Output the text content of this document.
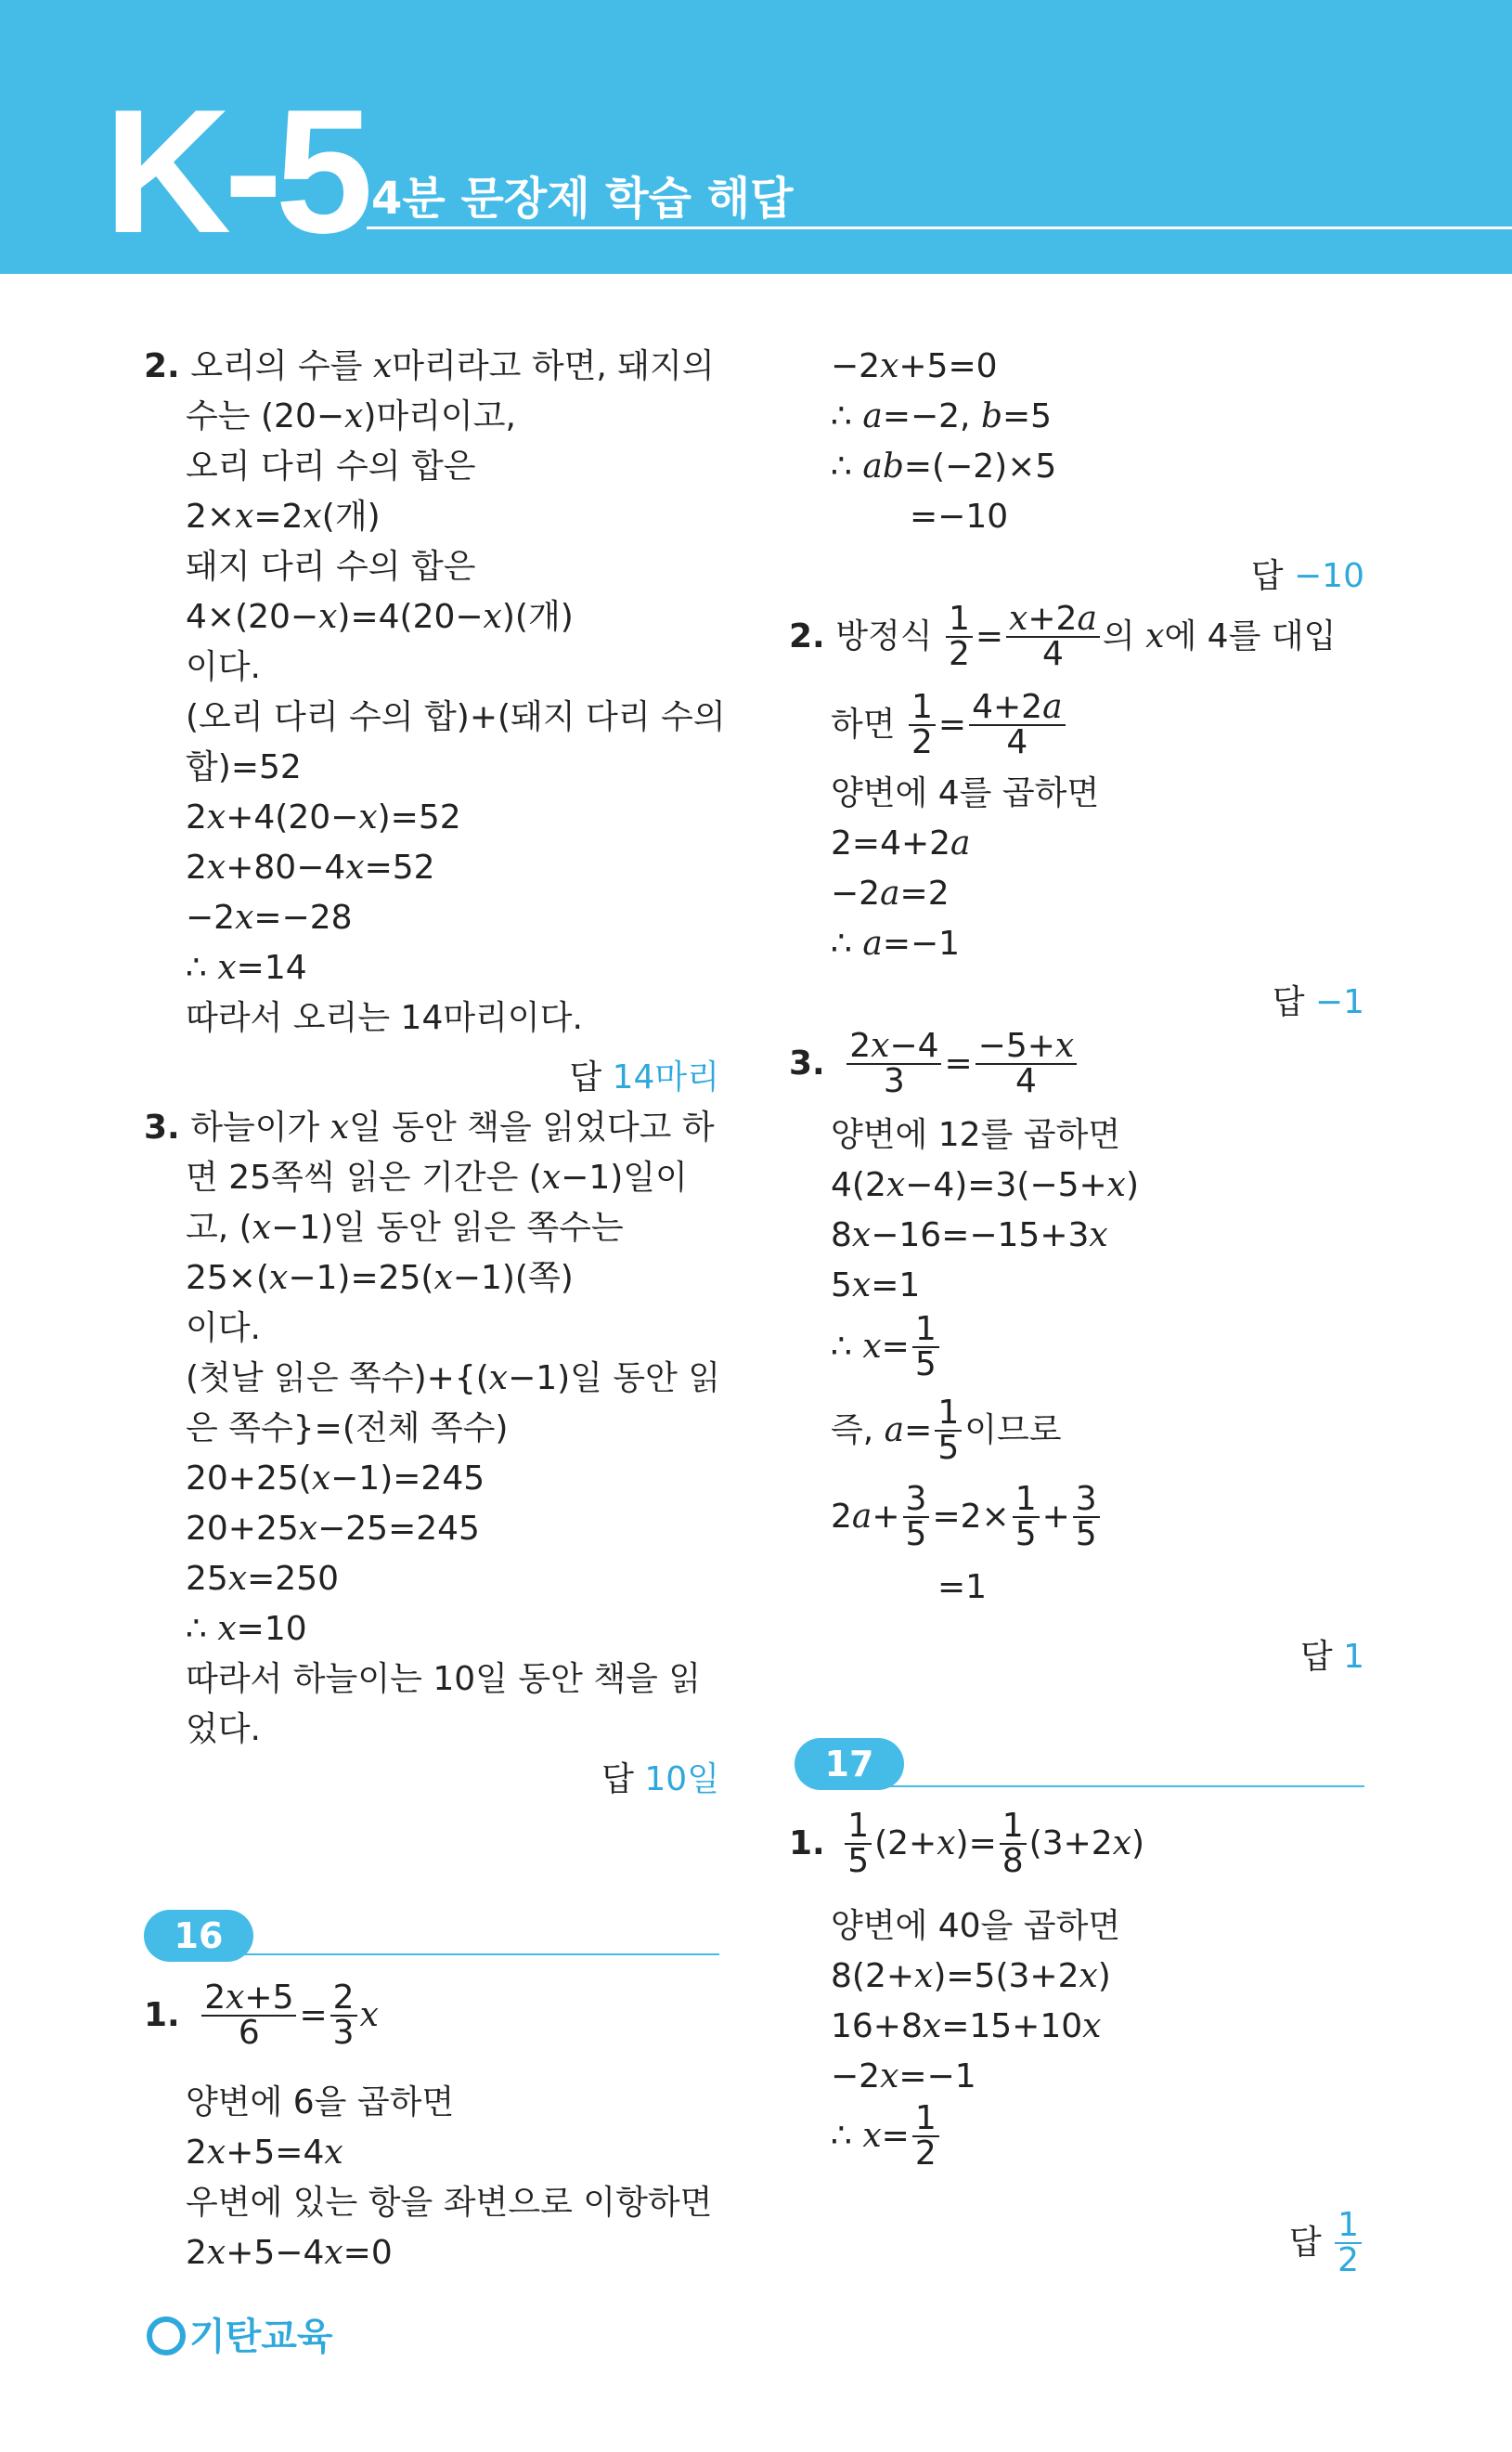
K-5 4분 문장제 학습 해답
2. 오리의 수를 x마리라고 하면, 돼지의
수는 (20−x)마리이고,
오리 다리 수의 합은
2×x=2x(개)
돼지 다리 수의 합은
4×(20−x)=4(20−x)(개)
이다.
(오리 다리 수의 합)+(돼지 다리 수의
합)=52
2x+4(20−x)=52
2x+80−4x=52
−2x=−28
∴ x=14
따라서 오리는 14마리이다.
답 14마리
3. 하늘이가 x일 동안 책을 읽었다고 하
면 25쪽씩 읽은 기간은 (x−1)일이
고, (x−1)일 동안 읽은 쪽수는
25×(x−1)=25(x−1)(쪽)
이다.
(첫날 읽은 쪽수)+{(x−1)일 동안 읽
은 쪽수}=(전체 쪽수)
20+25(x−1)=245
20+25x−25=245
25x=250
∴ x=10
따라서 하늘이는 10일 동안 책을 읽
었다.
답 10일
16
1. $\frac{2x+5}{6} = \frac{2}{3}$ x
양변에 6을 곱하면
2x+5=4x
우변에 있는 항을 좌변으로 이항하면
2x+5−4x=0
−2x+5=0
∴ a=−2, b=5
∴ ab=(−2)×5
=−10
답 −10
2. 방정식 $\frac{1}{2} = \frac{x+2a}{4}$ 의 x에 4를 대입
하면 $\frac{1}{2} = \frac{4+2a}{4}$
양변에 4를 곱하면
2=4+2a
−2a=2
∴ a=−1
답 −1
3. $\frac{2x-4}{3} = \frac{-5+x}{4}$
양변에 12를 곱하면
4(2x−4)=3(−5+x)
8x−16=−15+3x
5x=1
∴ $x= \frac{1}{5}$
즉, $a= \frac{1}{5}$ 이므로
$2a+ \frac{3}{5} =2\times \frac{1}{5} + \frac{3}{5}$
=1
답 1
17
1. $\frac{1}{5} (2+x)= \frac{1}{8} (3+2x)$
양변에 40을 곱하면
8(2+x)=5(3+2x)
16+8x=15+10x
−2x=−1
∴ $x= \frac{1}{2}$
답 $\frac{1}{2}$
기탄교육
